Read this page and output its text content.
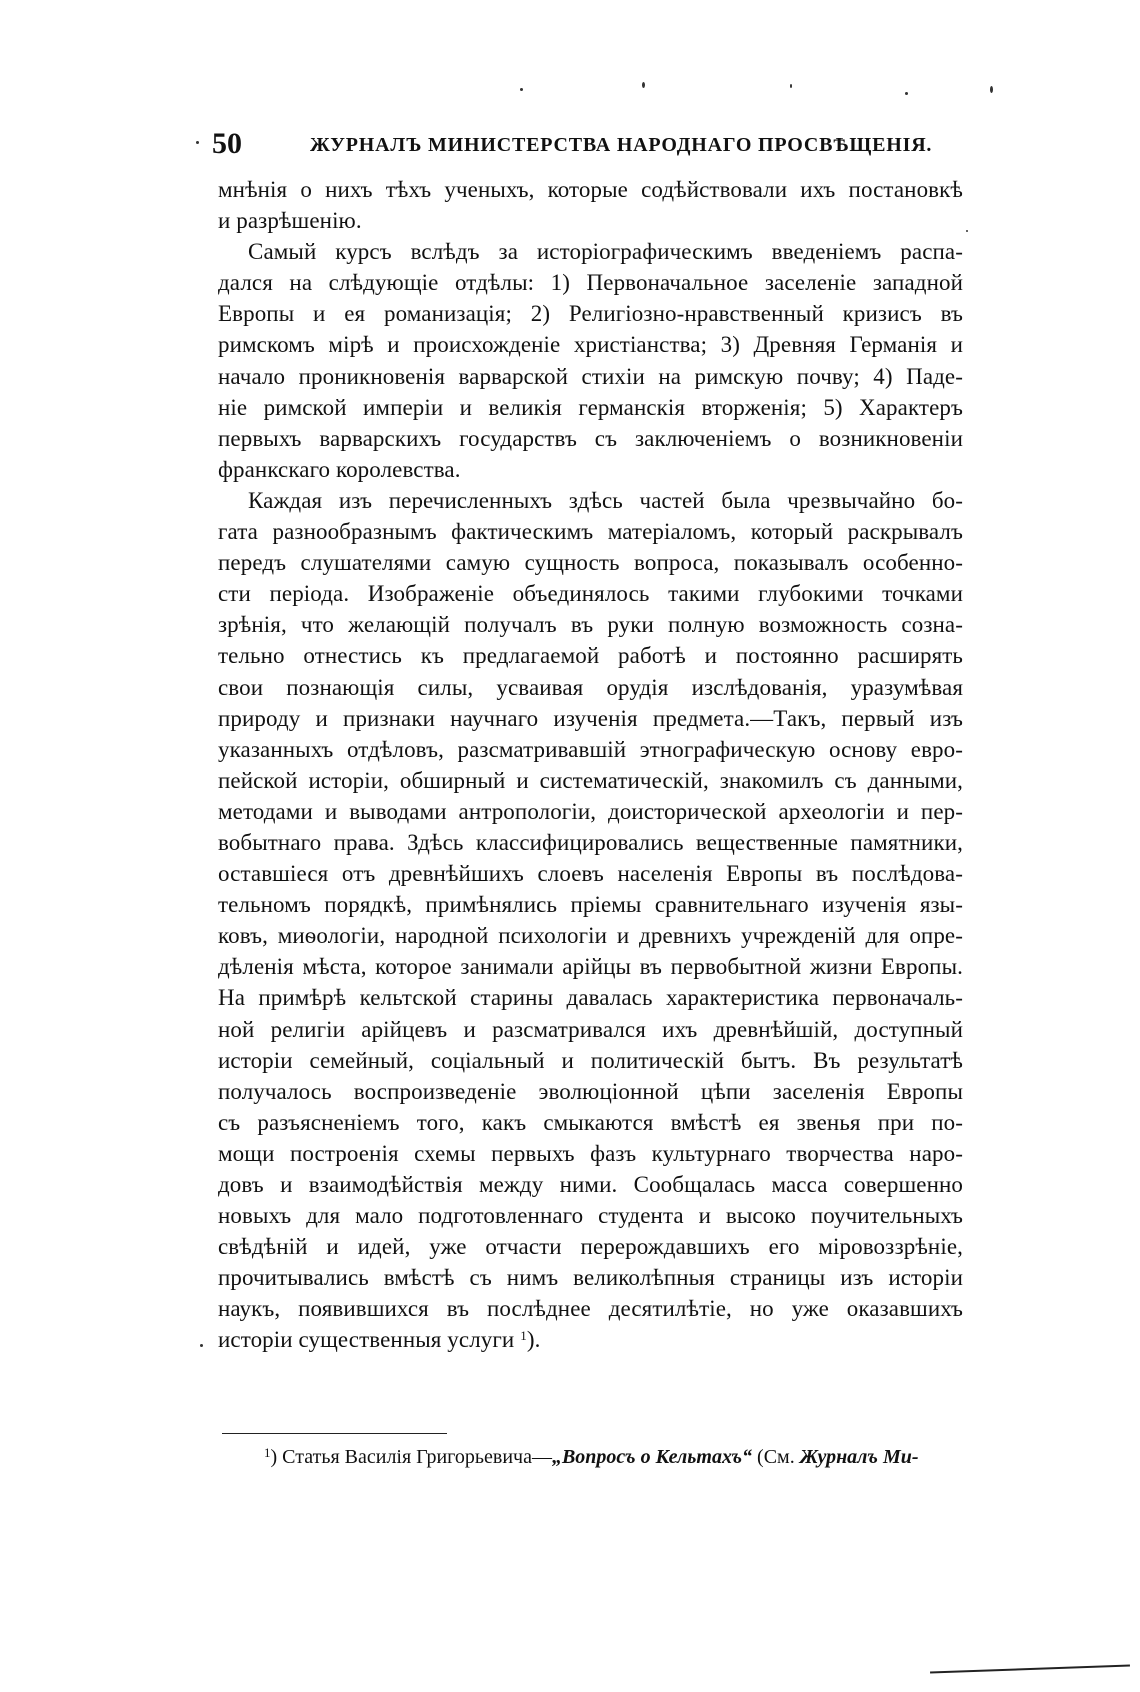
50	ЖУРНАЛЪ МИНИСТЕРСТВА НАРОДНАГО ПРОСВѢЩЕНІЯ.
мнѣнія о нихъ тѣхъ ученыхъ, которые содѣйствовали ихъ постановкѣ
и разрѣшенію.
Самый курсъ вслѣдъ за исторіографическимъ введеніемъ распа-
дался на слѣдующіе отдѣлы: 1) Первоначальное заселеніе западной
Европы и ея романизація; 2) Религіозно-нравственный кризисъ въ
римскомъ мірѣ и происхожденіе христіанства; 3) Древняя Германія и
начало проникновенія варварской стихіи на римскую почву; 4) Паде-
ніе римской имперіи и великія германскія вторженія; 5) Характеръ
первыхъ варварскихъ государствъ съ заключеніемъ о возникновеніи
франкскаго королевства.
Каждая изъ перечисленныхъ здѣсь частей была чрезвычайно бо-
гата разнообразнымъ фактическимъ матеріаломъ, который раскрывалъ
передъ слушателями самую сущность вопроса, показывалъ особенно-
сти періода. Изображеніе объединялось такими глубокими точками
зрѣнія, что желающій получалъ въ руки полную возможность созна-
тельно отнестись къ предлагаемой работѣ и постоянно расширять
свои познающія силы, усваивая орудія изслѣдованія, уразумѣвая
природу и признаки научнаго изученія предмета.—Такъ, первый изъ
указанныхъ отдѣловъ, разсматривавшій этнографическую основу евро-
пейской исторіи, обширный и систематическій, знакомилъ съ данными,
методами и выводами антропологіи, доисторической археологіи и пер-
вобытнаго права. Здѣсь классифицировались вещественные памятники,
оставшіеся отъ древнѣйшихъ слоевъ населенія Европы въ послѣдова-
тельномъ порядкѣ, примѣнялись пріемы сравнительнаго изученія язы-
ковъ, миѳологіи, народной психологіи и древнихъ учрежденій для опре-
дѣленія мѣста, которое занимали арійцы въ первобытной жизни Европы.
На примѣрѣ кельтской старины давалась характеристика первоначаль-
ной религіи арійцевъ и разсматривался ихъ древнѣйшій, доступный
исторіи семейный, соціальный и политическій бытъ. Въ результатѣ
получалось воспроизведеніе эволюціонной цѣпи заселенія Европы
съ разъясненіемъ того, какъ смыкаются вмѣстѣ ея звенья при по-
мощи построенія схемы первыхъ фазъ культурнаго творчества наро-
довъ и взаимодѣйствія между ними. Сообщалась масса совершенно
новыхъ для мало подготовленнаго студента и высоко поучительныхъ
свѣдѣній и идей, уже отчасти перерождавшихъ его міровоззрѣніе,
прочитывались вмѣстѣ съ нимъ великолѣпныя страницы изъ исторіи
наукъ, появившихся въ послѣднее десятилѣтіе, но уже оказавшихъ
исторіи существенныя услуги $^1$).
$^1$) Статья Василія Григорьевича—„Вопросъ о Кельтахъ“ (См. Журналъ Ми-
